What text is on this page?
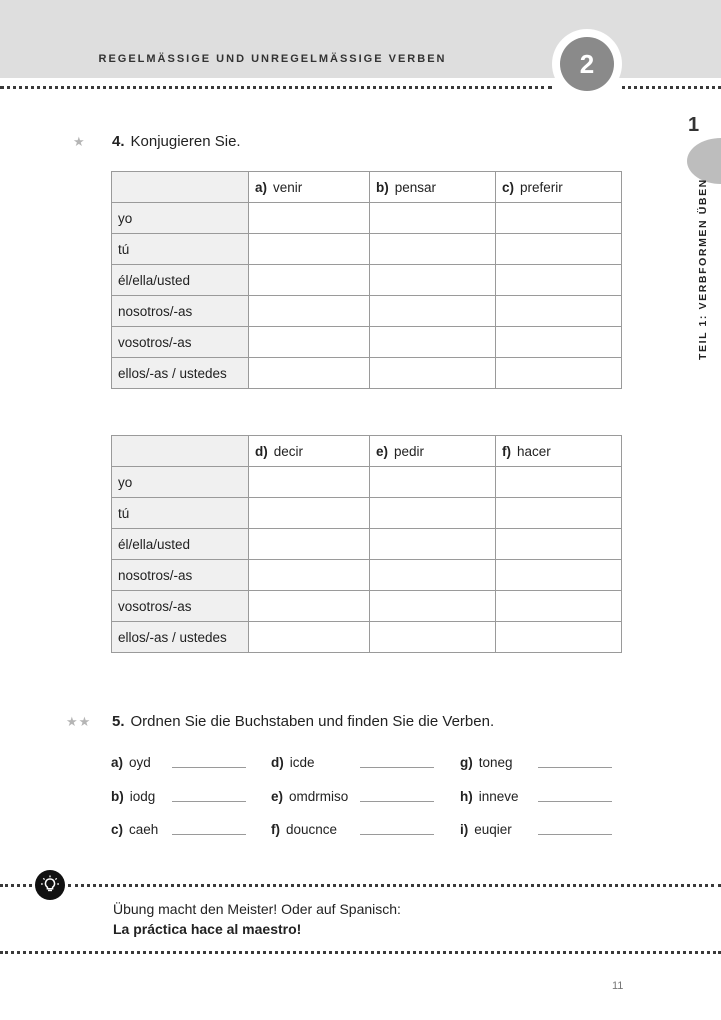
REGELMÄSSIGE UND UNREGELMÄSSIGE VERBEN	2
1
TEIL 1: VERBFORMEN ÜBEN
★ 4. Konjugieren Sie.
	a) venir	b) pensar	c) preferir
yo			
tú			
él/ella/usted			
nosotros/-as			
vosotros/-as			
ellos/-as / ustedes			
	d) decir	e) pedir	f) hacer
yo			
tú			
él/ella/usted			
nosotros/-as			
vosotros/-as			
ellos/-as / ustedes			
★★ 5. Ordnen Sie die Buchstaben und finden Sie die Verben.
a) oyd
b) iodg
c) caeh
d) icde
e) omdrmiso
f) doucnce
g) toneg
h) inneve
i) euqier
Übung macht den Meister! Oder auf Spanisch:
La práctica hace al maestro!
11
